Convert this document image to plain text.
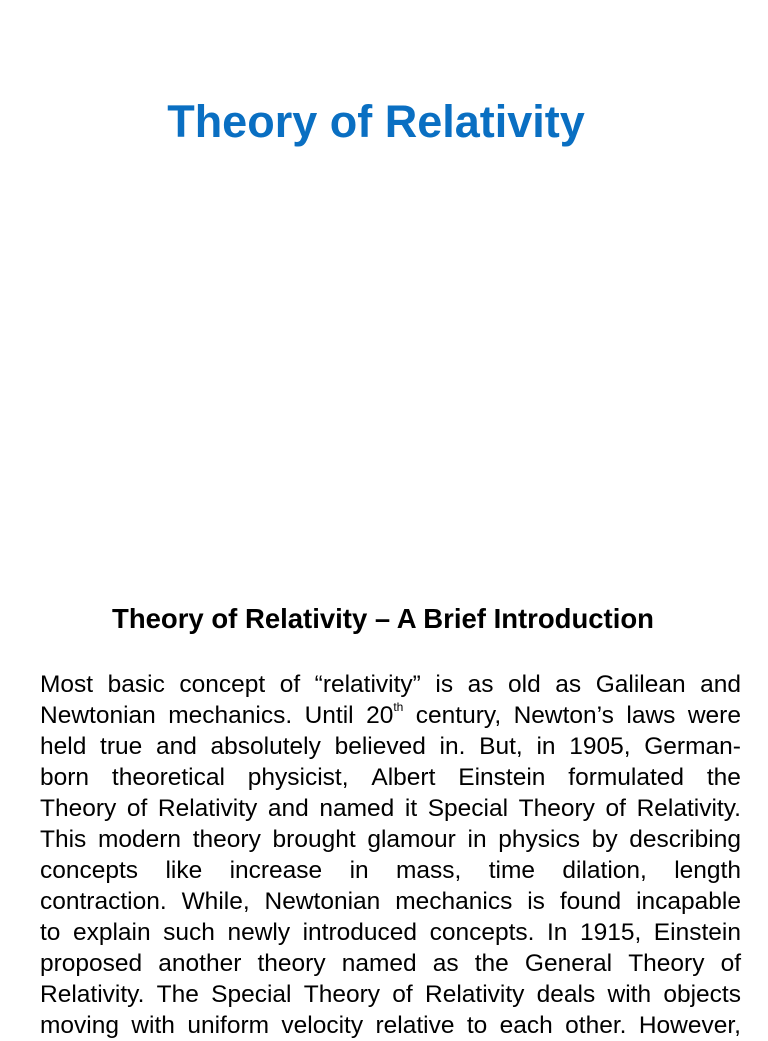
Theory of Relativity
Theory of Relativity – A Brief Introduction
Most basic concept of “relativity” is as old as Galilean and
Newtonian mechanics. Until 20th century, Newton’s laws were
held true and absolutely believed in. But, in 1905, German-
born theoretical physicist, Albert Einstein formulated the
Theory of Relativity and named it Special Theory of Relativity.
This modern theory brought glamour in physics by describing
concepts like increase in mass, time dilation, length
contraction. While, Newtonian mechanics is found incapable
to explain such newly introduced concepts. In 1915, Einstein
proposed another theory named as the General Theory of
Relativity. The Special Theory of Relativity deals with objects
moving with uniform velocity relative to each other. However,
